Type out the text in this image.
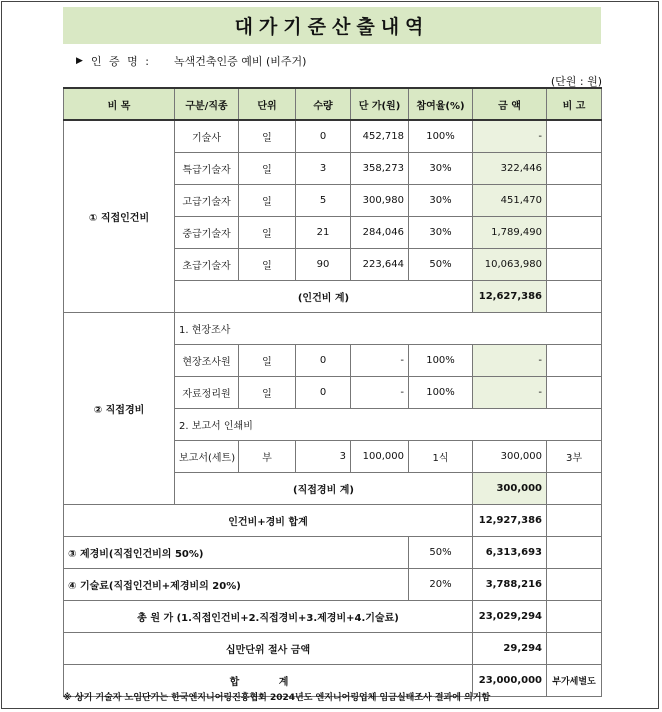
대가기준산출내역
▶ 인 증 명 : 녹색건축인증 예비 (비주거)
(단원 : 원)
비 목	구분/직종	단위	수량	단 가(원)	참여율(%)	금 액	비 고
① 직접인건비	기술사	일	0	452,718	100%	-	
	특급기술자	일	3	358,273	30%	322,446	
	고급기술자	일	5	300,980	30%	451,470	
	중급기술자	일	21	284,046	30%	1,789,490	
	초급기술자	일	90	223,644	50%	10,063,980	
	(인건비 계)					12,627,386	
② 직접경비	1. 현장조사						
	현장조사원	일	0	-	100%	-	
	자료정리원	일	0	-	100%	-	
	2. 보고서 인쇄비						
	보고서(세트)	부	3	100,000	1식	300,000	3부
	(직접경비 계)					300,000	
인건비+경비 합계						12,927,386	
③ 제경비(직접인건비의 50%)					50%	6,313,693	
④ 기술료(직접인건비+제경비의 20%)					20%	3,788,216	
총 원 가 (1.직접인건비+2.직접경비+3.제경비+4.기술료)						23,029,294	
십만단위 절사 금액						29,294	
합 계						23,000,000	부가세별도
※ 상기 기술자 노임단가는 한국엔지니어링진흥협회 2024년도 엔지니어링업체 임금실태조사 결과에 의거함
